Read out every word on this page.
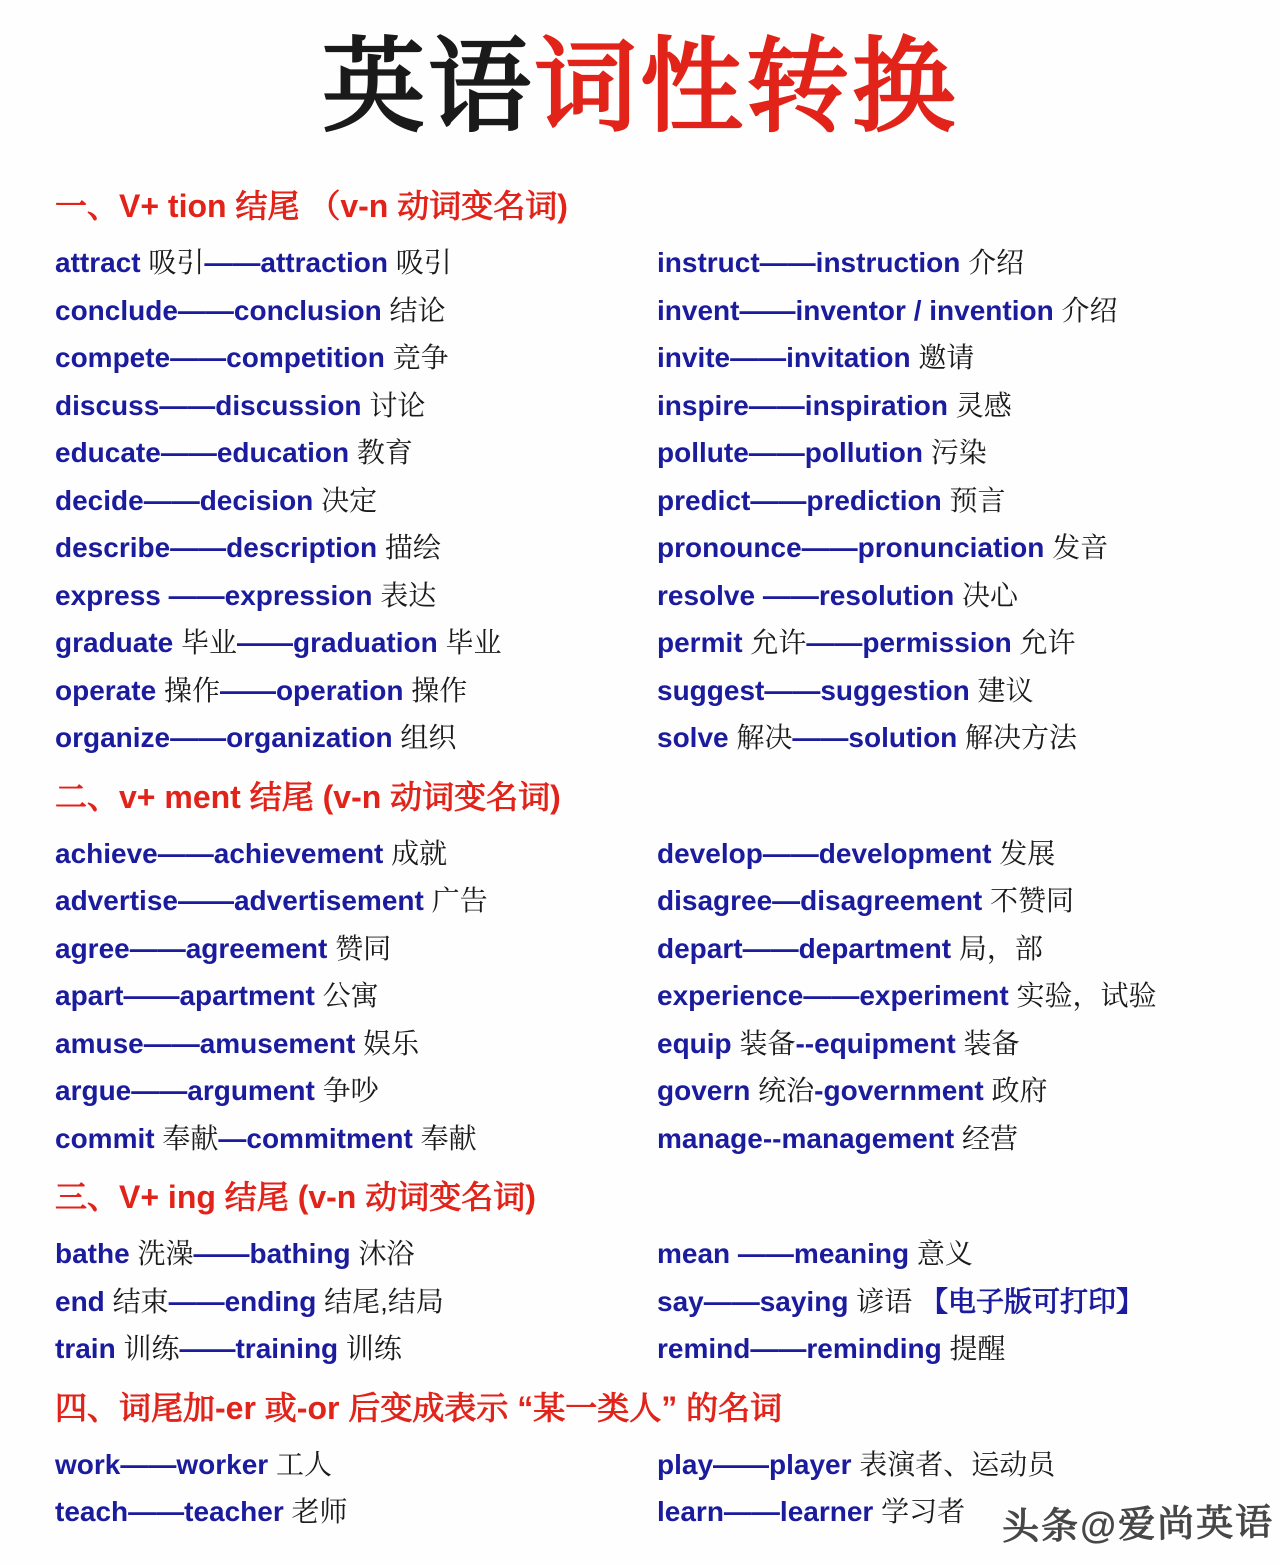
英语词性转换
一、V+ tion 结尾 （v-n 动词变名词)
attract 吸引——attraction 吸引
conclude——conclusion 结论
compete——competition 竞争
discuss——discussion 讨论
educate——education 教育
decide——decision 决定
describe——description 描绘
express ——expression 表达
graduate 毕业——graduation 毕业
operate 操作——operation 操作
organize——organization 组织
instruct——instruction 介绍
invent——inventor / invention 介绍
invite——invitation 邀请
inspire——inspiration 灵感
pollute——pollution 污染
predict——prediction 预言
pronounce——pronunciation 发音
resolve ——resolution 决心
permit 允许——permission 允许
suggest——suggestion 建议
solve 解决——solution 解决方法
二、v+ ment 结尾 (v-n 动词变名词)
achieve——achievement 成就
advertise——advertisement 广告
agree——agreement 赞同
apart——apartment 公寓
amuse——amusement 娱乐
argue——argument 争吵
commit 奉献—commitment 奉献
develop——development 发展
disagree—disagreement 不赞同
depart——department 局，部
experience——experiment 实验，试验
equip 装备--equipment 装备
govern 统治-government 政府
manage--management 经营
三、V+ ing 结尾 (v-n 动词变名词)
bathe 洗澡——bathing 沐浴
end 结束——ending 结尾,结局
train 训练——training 训练
mean ——meaning 意义
say——saying 谚语 【电子版可打印】
remind——reminding 提醒
四、词尾加-er 或-or 后变成表示 “某一类人” 的名词
work——worker 工人
teach——teacher 老师
play——player 表演者、运动员
learn——learner 学习者 头条@爱尚英语
